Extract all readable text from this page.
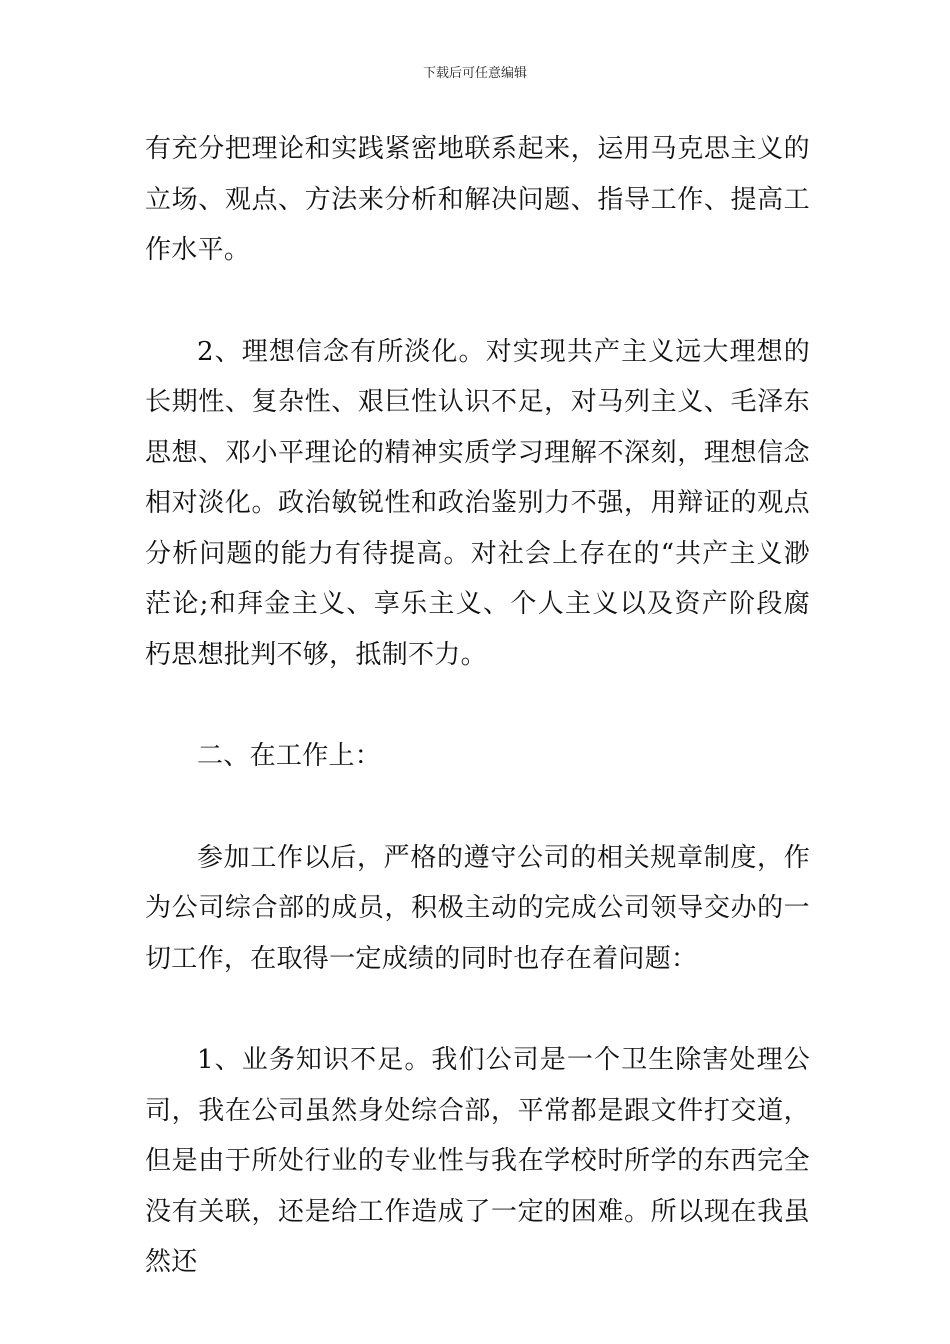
下载后可任意编辑

有充分把理论和实践紧密地联系起来，运用马克思主义的立场、观点、方法来分析和解决问题、指导工作、提高工作水平。

2、理想信念有所淡化。对实现共产主义远大理想的长期性、复杂性、艰巨性认识不足，对马列主义、毛泽东思想、邓小平理论的精神实质学习理解不深刻，理想信念相对淡化。政治敏锐性和政治鉴别力不强，用辩证的观点分析问题的能力有待提高。对社会上存在的“共产主义渺茫论;和拜金主义、享乐主义、个人主义以及资产阶段腐朽思想批判不够，抵制不力。

二、在工作上：

参加工作以后，严格的遵守公司的相关规章制度，作为公司综合部的成员，积极主动的完成公司领导交办的一切工作，在取得一定成绩的同时也存在着问题：

1、业务知识不足。我们公司是一个卫生除害处理公司，我在公司虽然身处综合部，平常都是跟文件打交道，但是由于所处行业的专业性与我在学校时所学的东西完全没有关联，还是给工作造成了一定的困难。所以现在我虽然还
